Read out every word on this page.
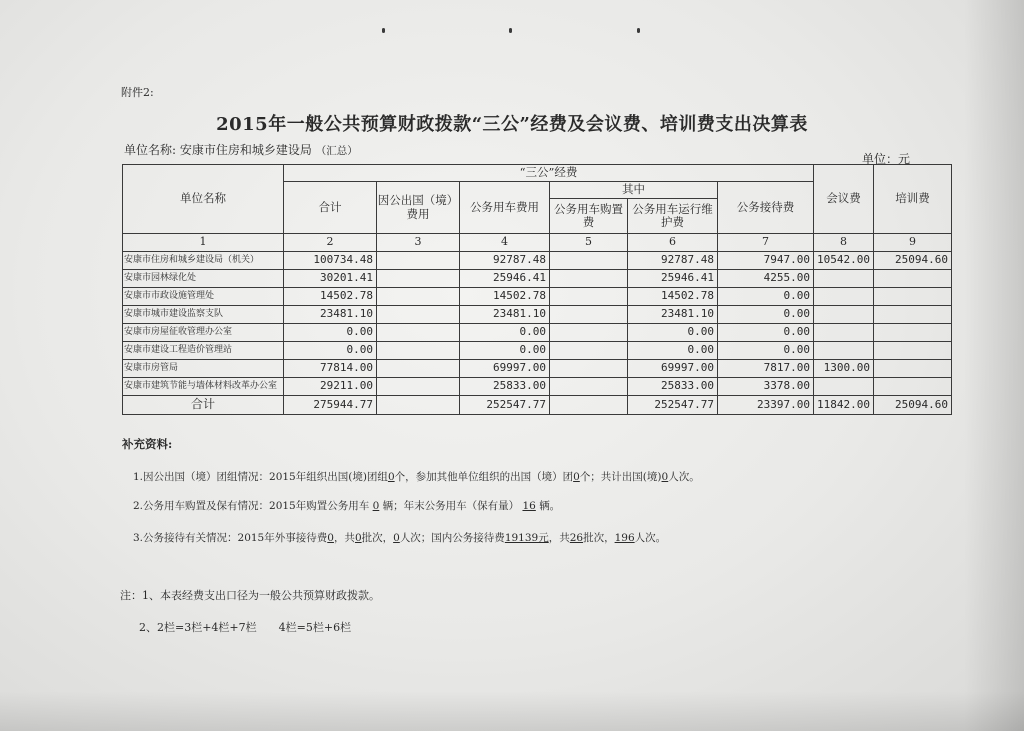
附件2:
2015年一般公共预算财政拨款“三公”经费及会议费、培训费支出决算表
单位名称: 安康市住房和城乡建设局 （汇总）
单位：元
单位名称	“三公”经费						会议费	培训费
	合计	因公出国（境）费用	公务用车费用	其中		公务接待费		
				公务用车购置费	公务用车运行维护费			

1	2	3	4	5	6	7	8	9
安康市住房和城乡建设局（机关）	100734.48		92787.48		92787.48	7947.00	10542.00	25094.60
安康市园林绿化处	30201.41		25946.41		25946.41	4255.00		
安康市市政设施管理处	14502.78		14502.78		14502.78	0.00		
安康市城市建设监察支队	23481.10		23481.10		23481.10	0.00		
安康市房屋征收管理办公室	0.00		0.00		0.00	0.00		
安康市建设工程造价管理站	0.00		0.00		0.00	0.00		
安康市房管局	77814.00		69997.00		69997.00	7817.00	1300.00	
安康市建筑节能与墙体材料改革办公室	29211.00		25833.00		25833.00	3378.00		
合计	275944.77		252547.77		252547.77	23397.00	11842.00	25094.60
补充资料:
1.因公出国（境）团组情况：2015年组织出国(境)团组0个，参加其他单位组织的出国（境）团0个；共计出国(境)0人次。
2.公务用车购置及保有情况：2015年购置公务用车 0 辆；年末公务用车（保有量） 16 辆。
3.公务接待有关情况：2015年外事接待费0，共0批次，0人次；国内公务接待费19139元，共26批次，196人次。
注：1、本表经费支出口径为一般公共预算财政拨款。
2、2栏=3栏+4栏+7栏　　4栏=5栏+6栏
